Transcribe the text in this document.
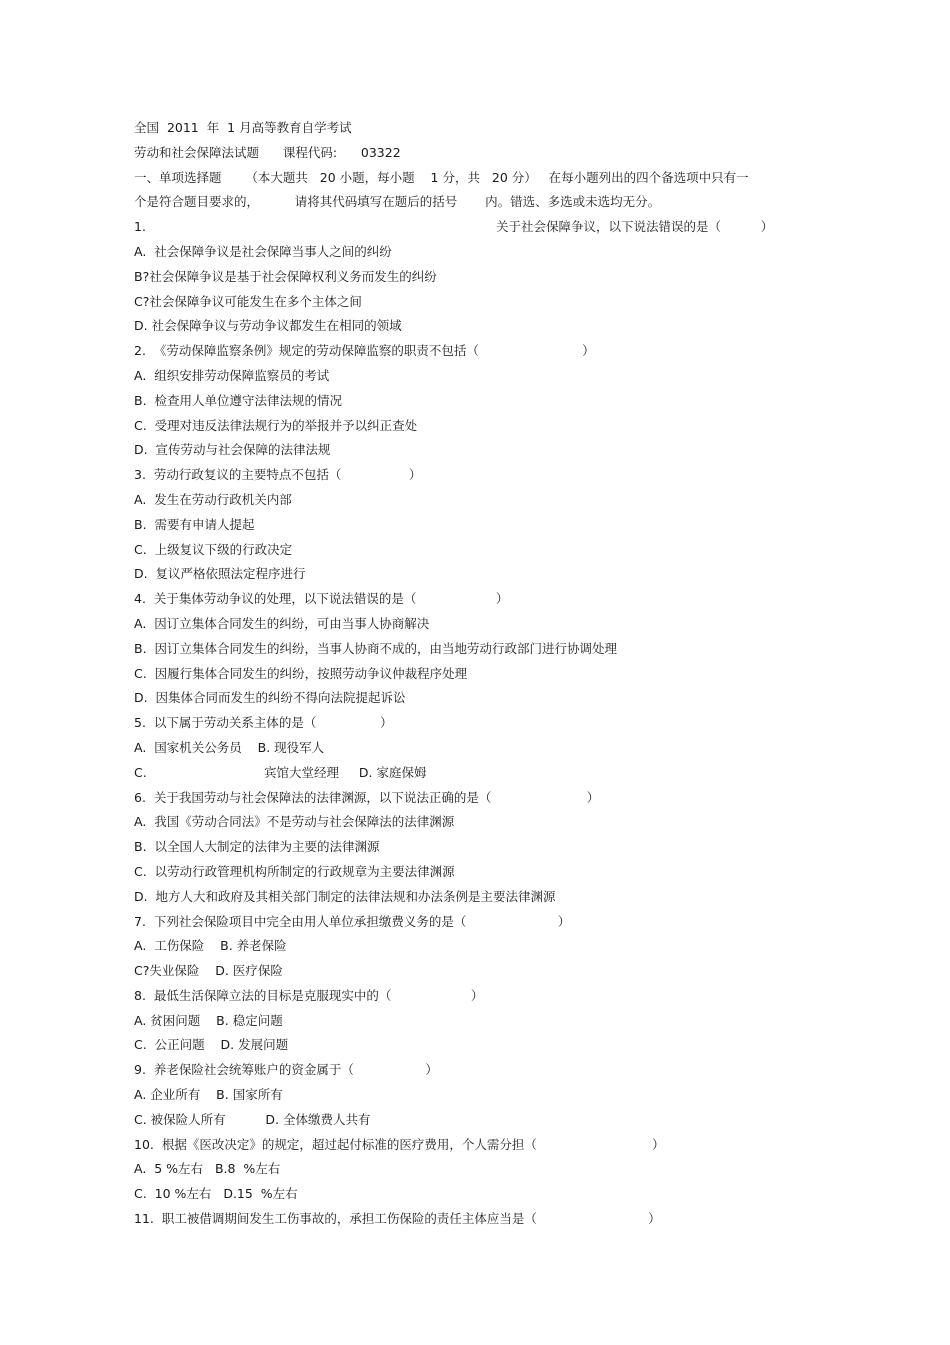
全国  2011  年  1 月高等教育自学考试
劳动和社会保障法试题      课程代码:      03322
一、单项选择题      （本大题共   20 小题，每小题    1 分，共   20 分）   在每小题列出的四个备选项中只有一
个是符合题目要求的，         请将其代码填写在题后的括号       内。错选、多选或未选均无分。
1.	关于社会保障争议，以下说法错误的是（          ）
A.  社会保障争议是社会保障当事人之间的纠纷
B?社会保障争议是基于社会保障权利义务而发生的纠纷
C?社会保障争议可能发生在多个主体之间
D. 社会保障争议与劳动争议都发生在相同的领域
2.  《劳动保障监察条例》规定的劳动保障监察的职责不包括（                          ）
A.  组织安排劳动保障监察员的考试
B.  检查用人单位遵守法律法规的情况
C.  受理对违反法律法规行为的举报并予以纠正查处
D.  宣传劳动与社会保障的法律法规
3.  劳动行政复议的主要特点不包括（                 ）
A.  发生在劳动行政机关内部
B.  需要有申请人提起
C.  上级复议下级的行政决定
D.  复议严格依照法定程序进行
4.  关于集体劳动争议的处理，以下说法错误的是（                    ）
A.  因订立集体合同发生的纠纷，可由当事人协商解决
B.  因订立集体合同发生的纠纷，当事人协商不成的，由当地劳动行政部门进行协调处理
C.  因履行集体合同发生的纠纷，按照劳动争议仲裁程序处理
D.  因集体合同而发生的纠纷不得向法院提起诉讼
5.  以下属于劳动关系主体的是（                ）
A.  国家机关公务员    B. 现役军人
C.	宾馆大堂经理     D. 家庭保姆
6.  关于我国劳动与社会保障法的法律渊源，以下说法正确的是（                        ）
A.  我国《劳动合同法》不是劳动与社会保障法的法律渊源
B.  以全国人大制定的法律为主要的法律渊源
C.  以劳动行政管理机构所制定的行政规章为主要法律渊源
D.  地方人大和政府及其相关部门制定的法律法规和办法条例是主要法律渊源
7.  下列社会保险项目中完全由用人单位承担缴费义务的是（                       ）
A.  工伤保险    B. 养老保险
C?失业保险    D. 医疗保险
8.  最低生活保障立法的目标是克服现实中的（                    ）
A. 贫困问题    B. 稳定问题
C.  公正问题    D. 发展问题
9.  养老保险社会统筹账户的资金属于（                  ）
A. 企业所有    B. 国家所有
C. 被保险人所有          D. 全体缴费人共有
10.  根据《医改决定》的规定，超过起付标准的医疗费用，个人需分担（                             ）
A.  5 %左右   B.8  %左右
C.  10 %左右   D.15  %左右
11.  职工被借调期间发生工伤事故的，承担工伤保险的责任主体应当是（                            ）
